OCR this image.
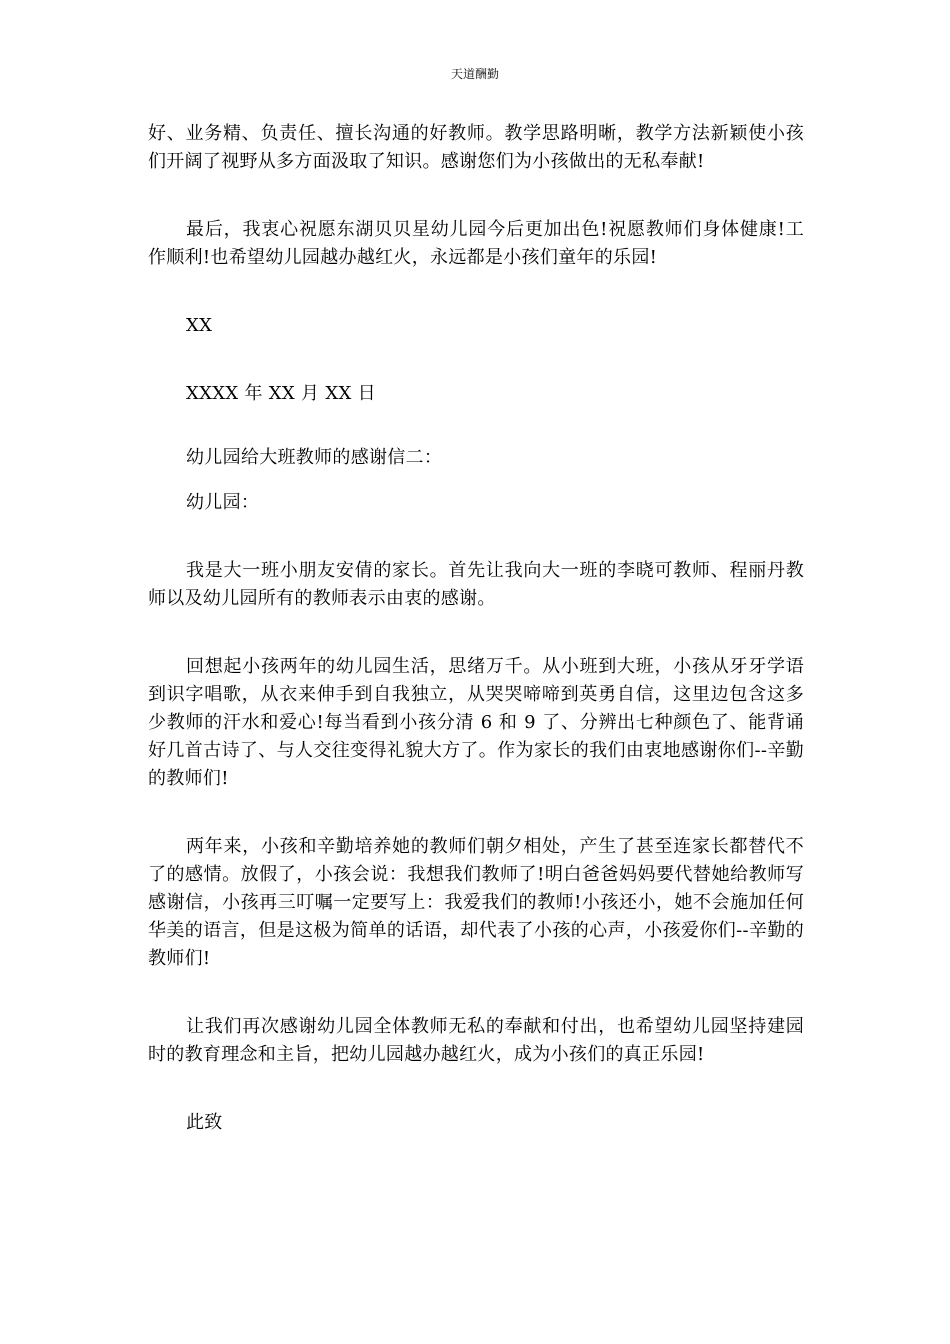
天道酬勤

好、业务精、负责任、擅长沟通的好教师。教学思路明晰，教学方法新颖使小孩们开阔了视野从多方面汲取了知识。感谢您们为小孩做出的无私奉献!

最后，我衷心祝愿东湖贝贝星幼儿园今后更加出色!祝愿教师们身体健康!工作顺利!也希望幼儿园越办越红火，永远都是小孩们童年的乐园!

XX

XXXX 年 XX 月 XX 日

幼儿园给大班教师的感谢信二：

幼儿园：

我是大一班小朋友安倩的家长。首先让我向大一班的李晓可教师、程丽丹教师以及幼儿园所有的教师表示由衷的感谢。

回想起小孩两年的幼儿园生活，思绪万千。从小班到大班，小孩从牙牙学语到识字唱歌，从衣来伸手到自我独立，从哭哭啼啼到英勇自信，这里边包含这多少教师的汗水和爱心!每当看到小孩分清 6 和 9 了、分辨出七种颜色了、能背诵好几首古诗了、与人交往变得礼貌大方了。作为家长的我们由衷地感谢你们--辛勤的教师们!

两年来，小孩和辛勤培养她的教师们朝夕相处，产生了甚至连家长都替代不了的感情。放假了，小孩会说：我想我们教师了!明白爸爸妈妈要代替她给教师写感谢信，小孩再三叮嘱一定要写上：我爱我们的教师!小孩还小，她不会施加任何华美的语言，但是这极为简单的话语，却代表了小孩的心声，小孩爱你们--辛勤的教师们!

让我们再次感谢幼儿园全体教师无私的奉献和付出，也希望幼儿园坚持建园时的教育理念和主旨，把幼儿园越办越红火，成为小孩们的真正乐园!

此致
